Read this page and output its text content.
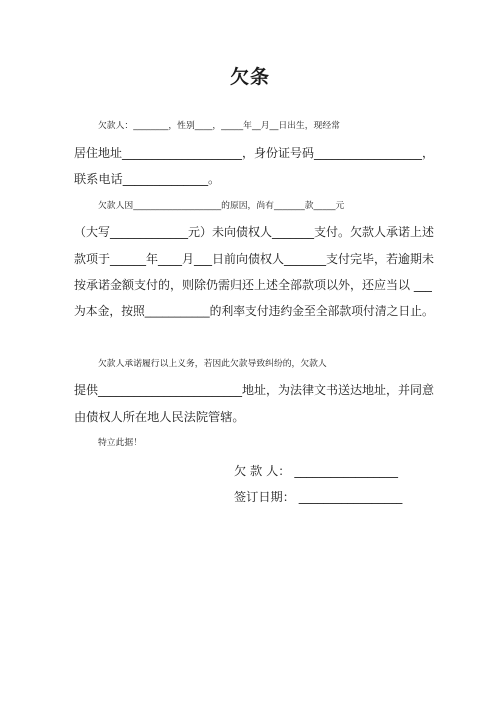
欠条
欠款人：________，性别____，_____年__月__日出生，现经常
居住地址____________________，身份证号码__________________，
联系电话______________。
欠款人因____________________的原因，尚有_______款_____元
（大写_____________元）未向债权人_______支付。欠款人承诺上述
款项于______年____月___日前向债权人_______支付完毕，若逾期未
按承诺金额支付的，则除仍需归还上述全部款项以外，还应当以 ___
为本金，按照___________的利率支付违约金至全部款项付清之日止。
欠款人承诺履行以上义务，若因此欠款导致纠纷的，欠款人
提供________________________地址，为法律文书送达地址，并同意
由债权人所在地人民法院管辖。
特立此据！
欠 款 人： _________________
签订日期： _________________
